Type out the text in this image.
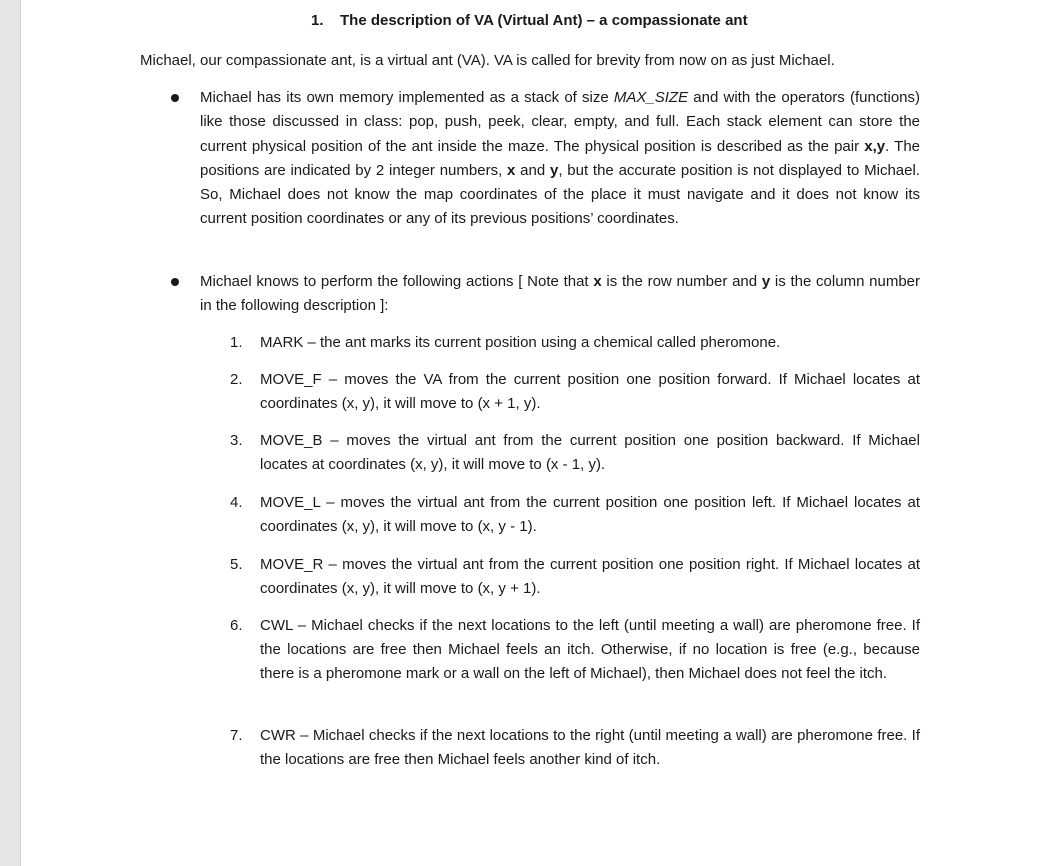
1. The description of VA (Virtual Ant) – a compassionate ant
Michael, our compassionate ant, is a virtual ant (VA). VA is called for brevity from now on as just Michael.
Michael has its own memory implemented as a stack of size MAX_SIZE and with the operators (functions) like those discussed in class: pop, push, peek, clear, empty, and full. Each stack element can store the current physical position of the ant inside the maze. The physical position is described as the pair x,y. The positions are indicated by 2 integer numbers, x and y, but the accurate position is not displayed to Michael. So, Michael does not know the map coordinates of the place it must navigate and it does not know its current position coordinates or any of its previous positions’ coordinates.
Michael knows to perform the following actions [ Note that x is the row number and y is the column number in the following description ]:
1. MARK – the ant marks its current position using a chemical called pheromone.
2. MOVE_F – moves the VA from the current position one position forward. If Michael locates at coordinates (x, y), it will move to (x + 1, y).
3. MOVE_B – moves the virtual ant from the current position one position backward. If Michael locates at coordinates (x, y), it will move to (x - 1, y).
4. MOVE_L – moves the virtual ant from the current position one position left. If Michael locates at coordinates (x, y), it will move to (x, y - 1).
5. MOVE_R – moves the virtual ant from the current position one position right. If Michael locates at coordinates (x, y), it will move to (x, y + 1).
6. CWL – Michael checks if the next locations to the left (until meeting a wall) are pheromone free. If the locations are free then Michael feels an itch. Otherwise, if no location is free (e.g., because there is a pheromone mark or a wall on the left of Michael), then Michael does not feel the itch.
7. CWR – Michael checks if the next locations to the right (until meeting a wall) are pheromone free. If the locations are free then Michael feels another kind of itch.
